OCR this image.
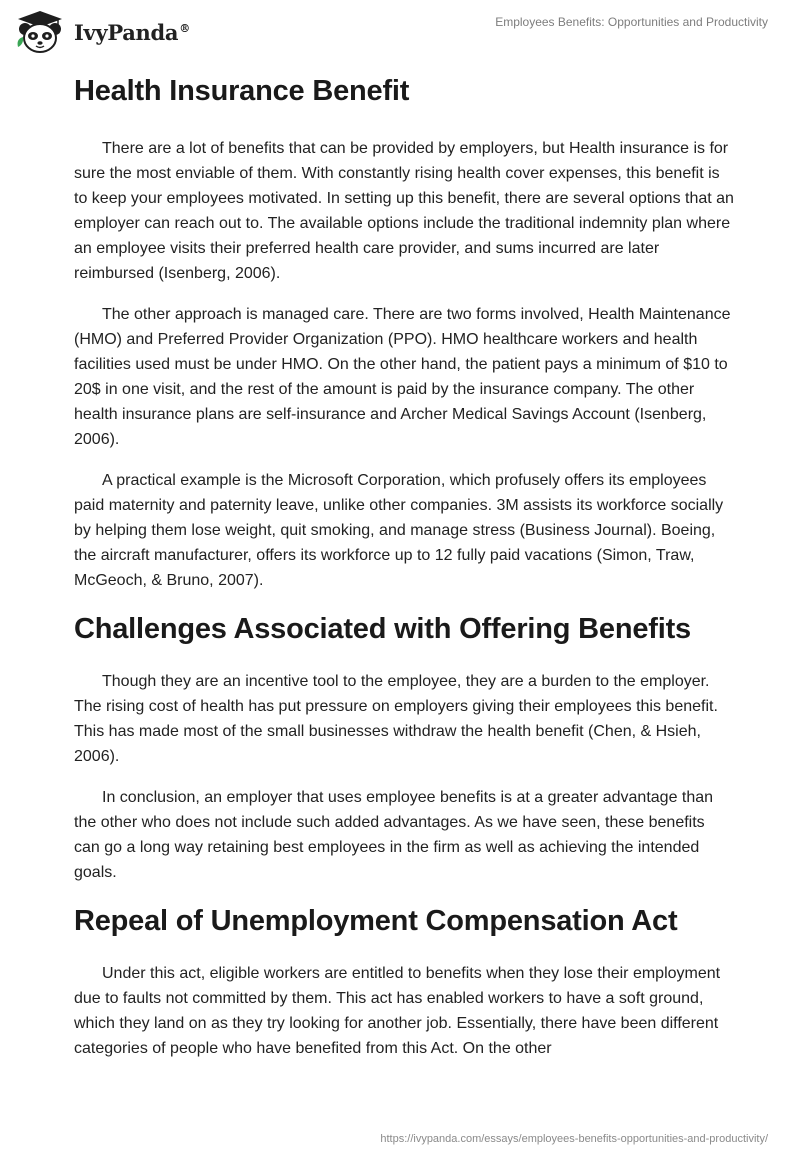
IvyPanda®	Employees Benefits: Opportunities and Productivity
Health Insurance Benefit

There are a lot of benefits that can be provided by employers, but Health insurance is for sure the most enviable of them. With constantly rising health cover expenses, this benefit is to keep your employees motivated. In setting up this benefit, there are several options that an employer can reach out to. The available options include the traditional indemnity plan where an employee visits their preferred health care provider, and sums incurred are later reimbursed (Isenberg, 2006).

The other approach is managed care. There are two forms involved, Health Maintenance (HMO) and Preferred Provider Organization (PPO). HMO healthcare workers and health facilities used must be under HMO. On the other hand, the patient pays a minimum of $10 to 20$ in one visit, and the rest of the amount is paid by the insurance company. The other health insurance plans are self-insurance and Archer Medical Savings Account (Isenberg, 2006).

A practical example is the Microsoft Corporation, which profusely offers its employees paid maternity and paternity leave, unlike other companies. 3M assists its workforce socially by helping them lose weight, quit smoking, and manage stress (Business Journal). Boeing, the aircraft manufacturer, offers its workforce up to 12 fully paid vacations (Simon, Traw, McGeoch, & Bruno, 2007).

Challenges Associated with Offering Benefits

Though they are an incentive tool to the employee, they are a burden to the employer. The rising cost of health has put pressure on employers giving their employees this benefit. This has made most of the small businesses withdraw the health benefit (Chen, & Hsieh, 2006).

In conclusion, an employer that uses employee benefits is at a greater advantage than the other who does not include such added advantages. As we have seen, these benefits can go a long way retaining best employees in the firm as well as achieving the intended goals.

Repeal of Unemployment Compensation Act

Under this act, eligible workers are entitled to benefits when they lose their employment due to faults not committed by them. This act has enabled workers to have a soft ground, which they land on as they try looking for another job. Essentially, there have been different categories of people who have benefited from this Act. On the other

https://ivypanda.com/essays/employees-benefits-opportunities-and-productivity/
